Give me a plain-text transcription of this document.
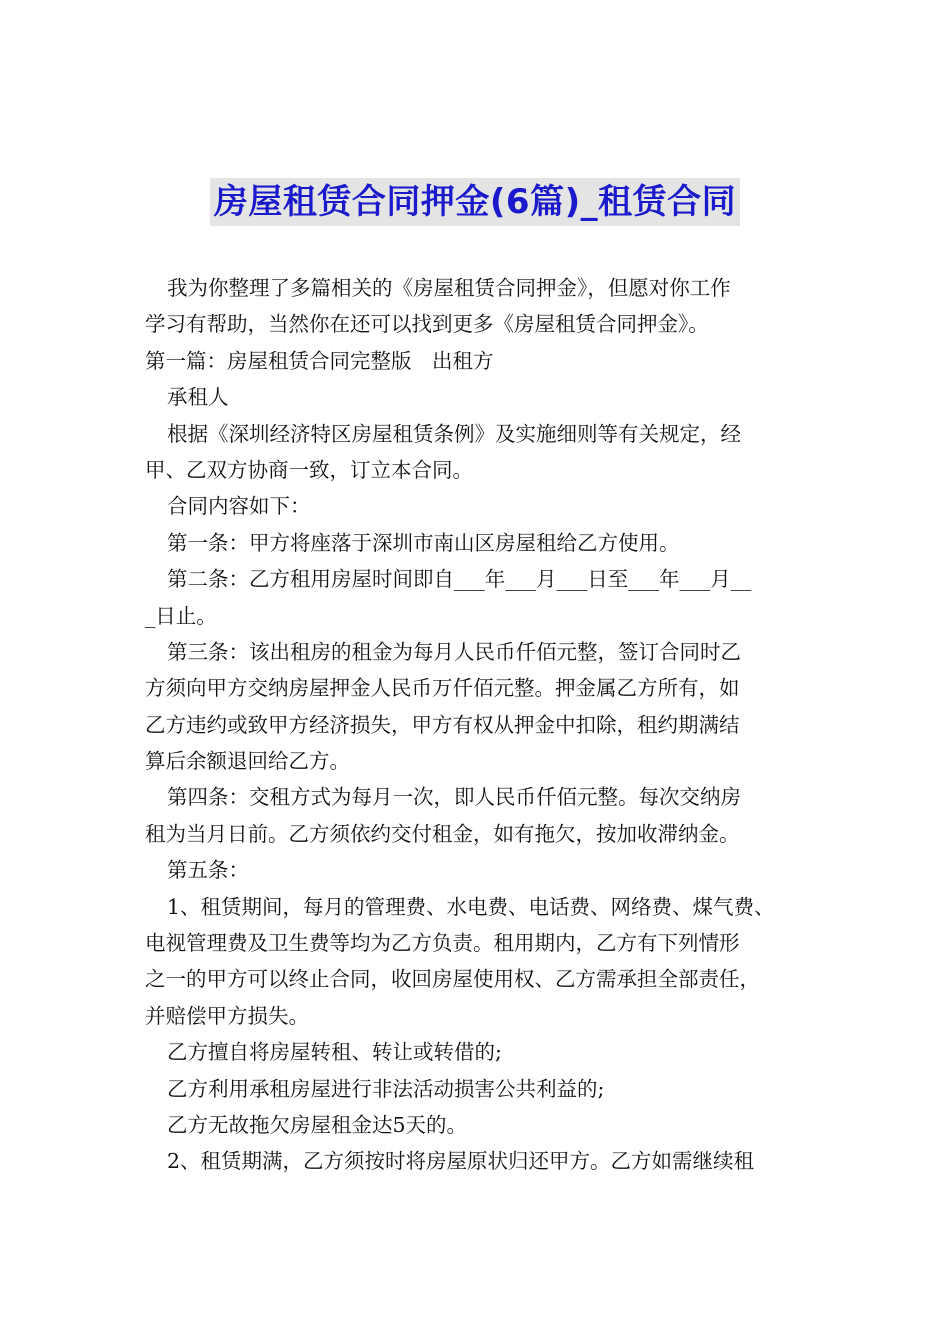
房屋租赁合同押金(6篇)_租赁合同
我为你整理了多篇相关的《房屋租赁合同押金》，但愿对你工作
学习有帮助，当然你在还可以找到更多《房屋租赁合同押金》。
第一篇：房屋租赁合同完整版　出租方
承租人
根据《深圳经济特区房屋租赁条例》及实施细则等有关规定，经
甲、乙双方协商一致，订立本合同。
合同内容如下：
第一条：甲方将座落于深圳市南山区房屋租给乙方使用。
第二条：乙方租用房屋时间即自___年___月___日至___年___月__
_日止。
第三条：该出租房的租金为每月人民币仟佰元整，签订合同时乙
方须向甲方交纳房屋押金人民币万仟佰元整。押金属乙方所有，如
乙方违约或致甲方经济损失，甲方有权从押金中扣除，租约期满结
算后余额退回给乙方。
第四条：交租方式为每月一次，即人民币仟佰元整。每次交纳房
租为当月日前。乙方须依约交付租金，如有拖欠，按加收滞纳金。
第五条：
1、租赁期间，每月的管理费、水电费、电话费、网络费、煤气费、
电视管理费及卫生费等均为乙方负责。租用期内，乙方有下列情形
之一的甲方可以终止合同，收回房屋使用权、乙方需承担全部责任，
并赔偿甲方损失。
乙方擅自将房屋转租、转让或转借的;
乙方利用承租房屋进行非法活动损害公共利益的;
乙方无故拖欠房屋租金达5天的。
2、租赁期满，乙方须按时将房屋原状归还甲方。乙方如需继续租
